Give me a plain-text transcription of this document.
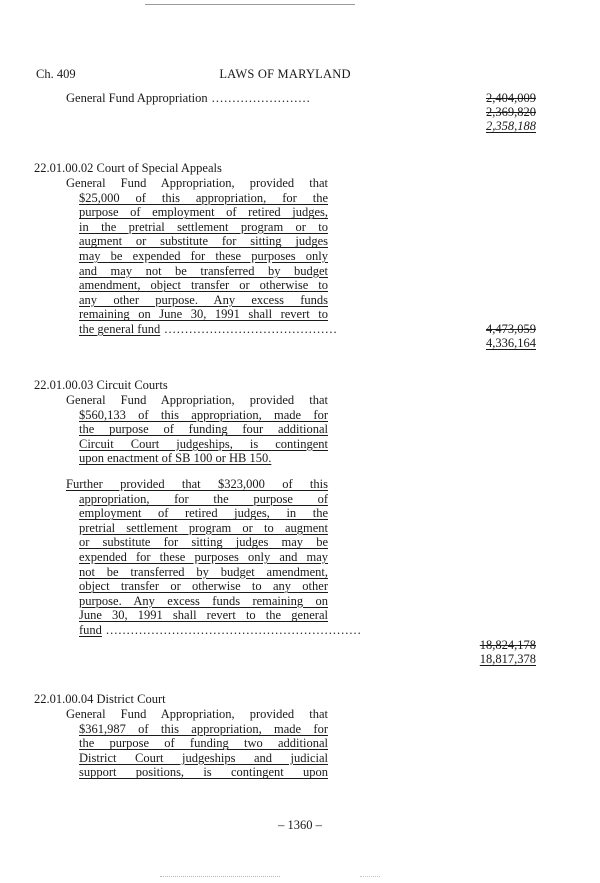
Ch. 409	LAWS OF MARYLAND
General Fund Appropriation ........................	2,404,009
2,369,820
2,358,188
22.01.00.02 Court of Special Appeals
General Fund Appropriation, provided that
$25,000 of this appropriation, for the
purpose of employment of retired judges,
in the pretrial settlement program or to
augment or substitute for sitting judges
may be expended for these purposes only
and may not be transferred by budget
amendment, object transfer or otherwise to
any other purpose. Any excess funds
remaining on June 30, 1991 shall revert to
the general fund ..........................................	4,473,059
4,336,164
22.01.00.03 Circuit Courts
General Fund Appropriation, provided that
$560,133 of this appropriation, made for
the purpose of funding four additional
Circuit Court judgeships, is contingent
upon enactment of SB 100 or HB 150.
Further provided that $323,000 of this
appropriation, for the purpose of
employment of retired judges, in the
pretrial settlement program or to augment
or substitute for sitting judges may be
expended for these purposes only and may
not be transferred by budget amendment,
object transfer or otherwise to any other
purpose. Any excess funds remaining on
June 30, 1991 shall revert to the general
fund ..............................................................
18,824,178
18,817,378
22.01.00.04 District Court
General Fund Appropriation, provided that
$361,987 of this appropriation, made for
the purpose of funding two additional
District Court judgeships and judicial
support positions, is contingent upon
– 1360 –
